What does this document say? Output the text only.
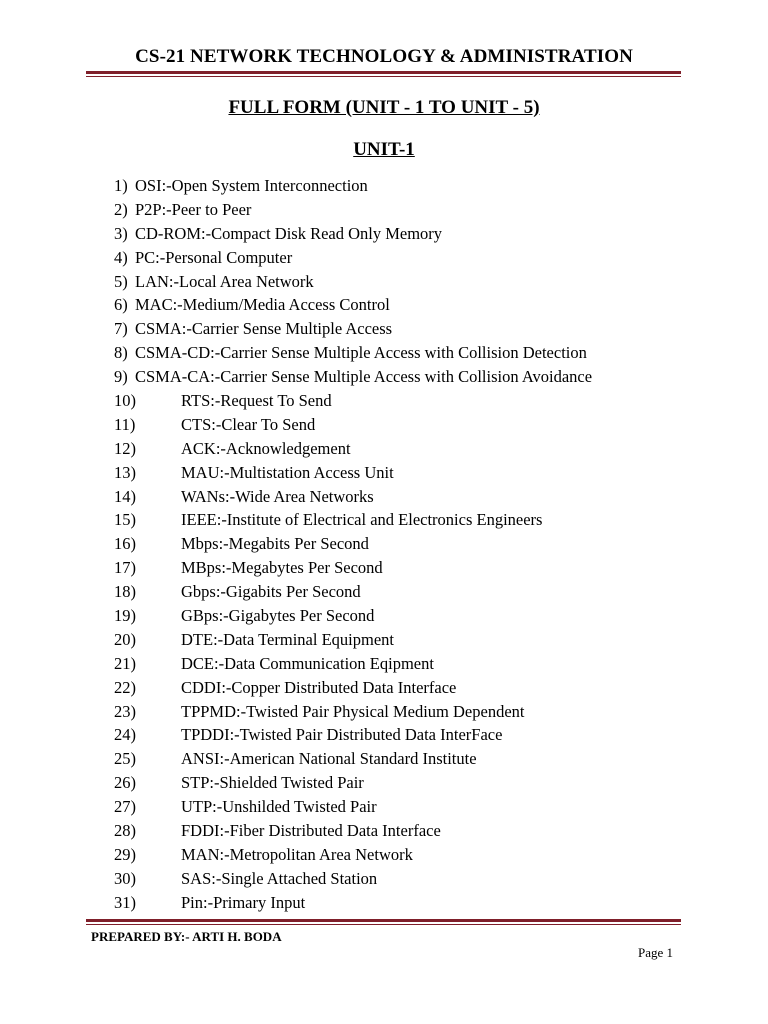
CS-21 NETWORK TECHNOLOGY & ADMINISTRATION
FULL FORM (UNIT - 1 TO UNIT - 5)
UNIT-1
1) OSI:-Open System Interconnection
2) P2P:-Peer to Peer
3) CD-ROM:-Compact Disk Read Only Memory
4) PC:-Personal Computer
5) LAN:-Local Area Network
6) MAC:-Medium/Media Access Control
7) CSMA:-Carrier Sense Multiple Access
8) CSMA-CD:-Carrier Sense Multiple Access with Collision Detection
9) CSMA-CA:-Carrier Sense Multiple Access with Collision Avoidance
10)	RTS:-Request To Send
11)	CTS:-Clear To Send
12)	ACK:-Acknowledgement
13)	MAU:-Multistation Access Unit
14)	WANs:-Wide Area Networks
15)	IEEE:-Institute of Electrical and Electronics Engineers
16)	Mbps:-Megabits Per Second
17)	MBps:-Megabytes Per Second
18)	Gbps:-Gigabits Per Second
19)	GBps:-Gigabytes Per Second
20)	DTE:-Data Terminal Equipment
21)	DCE:-Data Communication Eqipment
22)	CDDI:-Copper Distributed Data Interface
23)	TPPMD:-Twisted Pair Physical Medium Dependent
24)	TPDDI:-Twisted Pair Distributed Data InterFace
25)	ANSI:-American National Standard Institute
26)	STP:-Shielded Twisted Pair
27)	UTP:-Unshilded Twisted Pair
28)	FDDI:-Fiber Distributed Data Interface
29)	MAN:-Metropolitan Area Network
30)	SAS:-Single Attached Station
31)	Pin:-Primary Input
PREPARED BY:- ARTI H. BODA
Page 1
